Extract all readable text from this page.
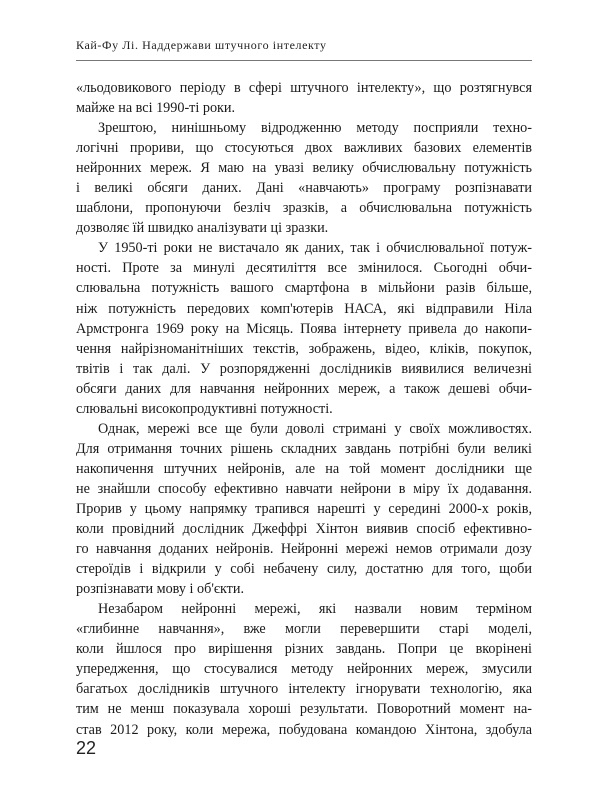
Кай-Фу Лі. Наддержави штучного інтелекту
«льодовикового періоду в сфері штучного інтелекту», що розтягнувся
майже на всі 1990-ті роки.
Зрештою, нинішньому відродженню методу посприяли техно-
логічні прориви, що стосуються двох важливих базових елементів
нейронних мереж. Я маю на увазі велику обчислювальну потужність
і великі обсяги даних. Дані «навчають» програму розпізнавати
шаблони, пропонуючи безліч зразків, а обчислювальна потужність
дозволяє їй швидко аналізувати ці зразки.
У 1950-ті роки не вистачало як даних, так і обчислювальної потуж-
ності. Проте за минулі десятиліття все змінилося. Сьогодні обчи-
слювальна потужність вашого смартфона в мільйони разів більше,
ніж потужність передових комп'ютерів НАСА, які відправили Ніла
Армстронга 1969 року на Місяць. Поява інтернету привела до накопи-
чення найрізноманітніших текстів, зображень, відео, кліків, покупок,
твітів і так далі. У розпорядженні дослідників виявилися величезні
обсяги даних для навчання нейронних мереж, а також дешеві обчи-
слювальні високопродуктивні потужності.
Однак, мережі все ще були доволі стримані у своїх можливостях.
Для отримання точних рішень складних завдань потрібні були великі
накопичення штучних нейронів, але на той момент дослідники ще
не знайшли способу ефективно навчати нейрони в міру їх додавання.
Прорив у цьому напрямку трапився нарешті у середині 2000-х років,
коли провідний дослідник Джеффрі Хінтон виявив спосіб ефективно-
го навчання доданих нейронів. Нейронні мережі немов отримали дозу
стероїдів і відкрили у собі небачену силу, достатню для того, щоби
розпізнавати мову і об'єкти.
Незабаром нейронні мережі, які назвали новим терміном
«глибинне навчання», вже могли перевершити старі моделі,
коли йшлося про вирішення різних завдань. Попри це вкорінені
упередження, що стосувалися методу нейронних мереж, змусили
багатьох дослідників штучного інтелекту ігнорувати технологію, яка
тим не менш показувала хороші результати. Поворотний момент на-
став 2012 року, коли мережа, побудована командою Хінтона, здобула
22
